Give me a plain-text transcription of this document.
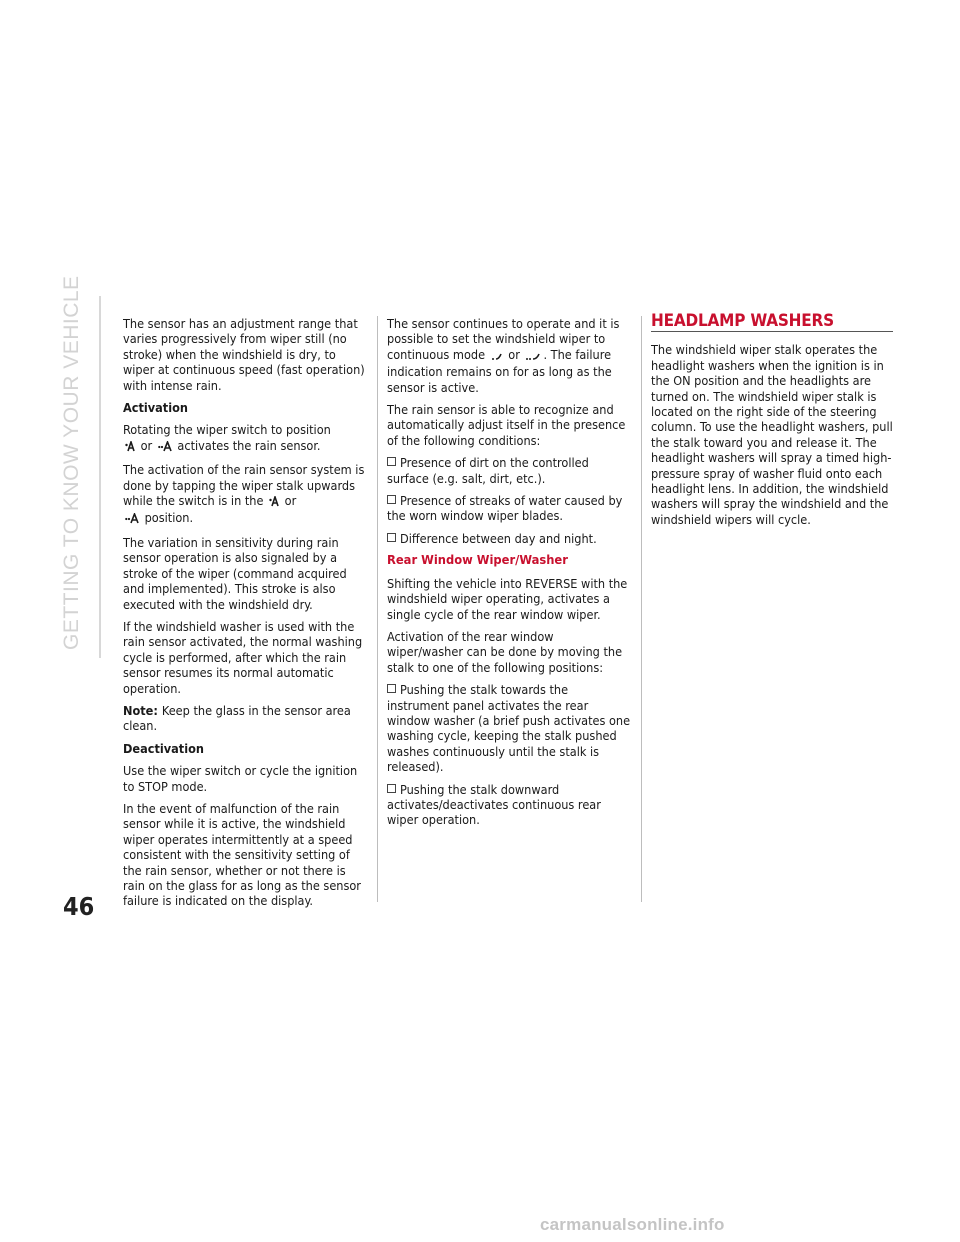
GETTING TO KNOW YOUR VEHICLE
46

The sensor has an adjustment range that varies progressively from wiper still (no stroke) when the windshield is dry, to wiper at continuous speed (fast operation) with intense rain.

Activation

Rotating the wiper switch to position
or activates the rain sensor.

The activation of the rain sensor system is done by tapping the wiper stalk upwards while the switch is in the or
position.

The variation in sensitivity during rain sensor operation is also signaled by a stroke of the wiper (command acquired and implemented). This stroke is also executed with the windshield dry.

If the windshield washer is used with the rain sensor activated, the normal washing cycle is performed, after which the rain sensor resumes its normal automatic operation.

Note: Keep the glass in the sensor area clean.

Deactivation

Use the wiper switch or cycle the ignition to STOP mode.

In the event of malfunction of the rain sensor while it is active, the windshield wiper operates intermittently at a speed consistent with the sensitivity setting of the rain sensor, whether or not there is rain on the glass for as long as the sensor failure is indicated on the display.

The sensor continues to operate and it is possible to set the windshield wiper to continuous mode or . The failure indication remains on for as long as the sensor is active.

The rain sensor is able to recognize and automatically adjust itself in the presence of the following conditions:

Presence of dirt on the controlled surface (e.g. salt, dirt, etc.).

Presence of streaks of water caused by the worn window wiper blades.

Difference between day and night.

Rear Window Wiper/Washer

Shifting the vehicle into REVERSE with the windshield wiper operating, activates a single cycle of the rear window wiper.

Activation of the rear window wiper/washer can be done by moving the stalk to one of the following positions:

Pushing the stalk towards the instrument panel activates the rear window washer (a brief push activates one washing cycle, keeping the stalk pushed washes continuously until the stalk is released).

Pushing the stalk downward activates/deactivates continuous rear wiper operation.

HEADLAMP WASHERS

The windshield wiper stalk operates the headlight washers when the ignition is in the ON position and the headlights are turned on. The windshield wiper stalk is located on the right side of the steering column. To use the headlight washers, pull the stalk toward you and release it. The headlight washers will spray a timed high-pressure spray of washer fluid onto each headlight lens. In addition, the windshield washers will spray the windshield and the windshield wipers will cycle.

carmanualsonline.info
